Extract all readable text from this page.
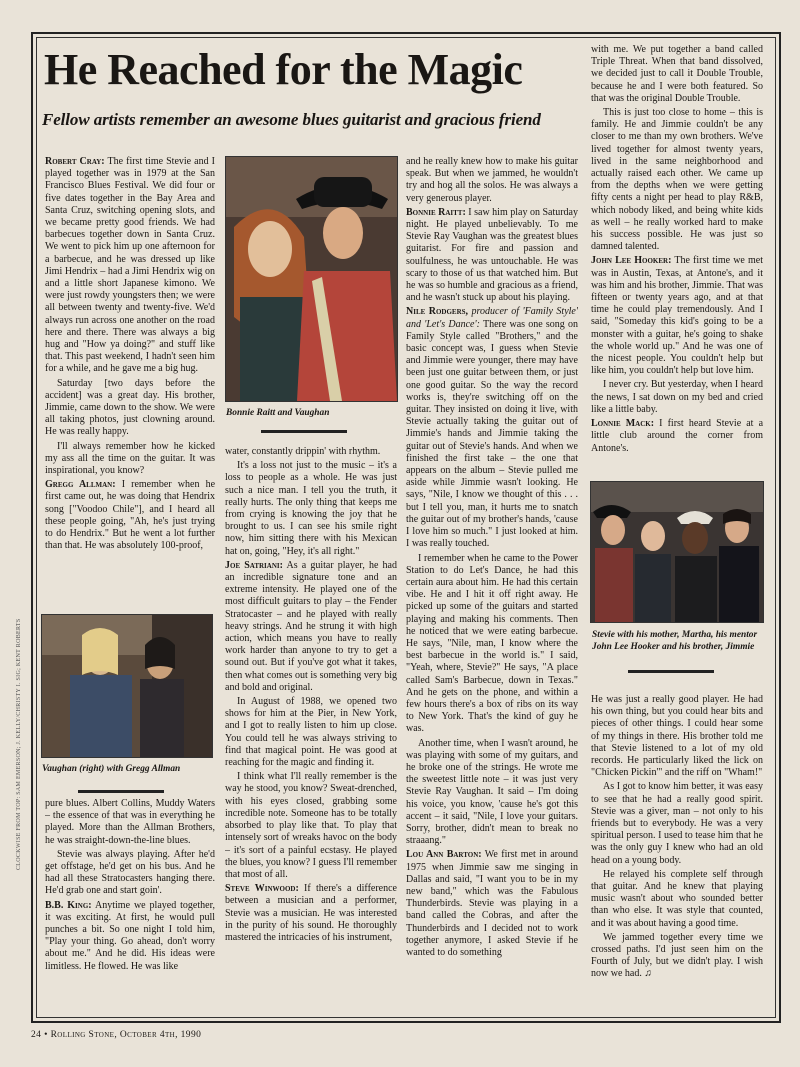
He Reached for the Magic
Fellow artists remember an awesome blues guitarist and gracious friend

Robert Cray: The first time Stevie and I played together was in 1979 at the San Francisco Blues Festival. We did four or five dates together in the Bay Area and Santa Cruz, switching opening slots, and we became pretty good friends. We had barbecues together down in Santa Cruz. We went to pick him up one afternoon for a barbecue, and he was dressed up like Jimi Hendrix – had a Jimi Hendrix wig on and a little short Japanese kimono. We were just rowdy youngsters then; we were all between twenty and twenty-five. We'd always run across one another on the road here and there. There was always a big hug and "How ya doing?" and stuff like that. This past weekend, I hadn't seen him for a while, and he gave me a big hug.

Saturday [two days before the accident] was a great day. His brother, Jimmie, came down to the show. We were all taking photos, just clowning around. He was really happy.

I'll always remember how he kicked my ass all the time on the guitar. It was inspirational, you know?

Gregg Allman: I remember when he first came out, he was doing that Hendrix song ["Voodoo Chile"], and I heard all these people going, "Ah, he's just trying to do Hendrix." But he went a lot further than that. He was absolutely 100-proof,

Vaughan (right) with Gregg Allman

pure blues. Albert Collins, Muddy Waters – the essence of that was in everything he played. More than the Allman Brothers, he was straight-down-the-line blues.

Stevie was always playing. After he'd get offstage, he'd get on his bus. And he had all these Stratocasters hanging there. He'd grab one and start goin'.

B.B. King: Anytime we played together, it was exciting. At first, he would pull punches a bit. So one night I told him, "Play your thing. Go ahead, don't worry about me." And he did. His ideas were limitless. He flowed. He was like

Bonnie Raitt and Vaughan

water, constantly drippin' with rhythm.

It's a loss not just to the music – it's a loss to people as a whole. He was just such a nice man. I tell you the truth, it really hurts. The only thing that keeps me from crying is knowing the joy that he brought to us. I can see his smile right now, him sitting there with his Mexican hat on, going, "Hey, it's all right."

Joe Satriani: As a guitar player, he had an incredible signature tone and an extreme intensity. He played one of the most difficult guitars to play – the Fender Stratocaster – and he played with really heavy strings. And he strung it with high action, which means you have to really work harder than anyone to try to get a sound out. But if you've got what it takes, then what comes out is something very big and bold and original.

In August of 1988, we opened two shows for him at the Pier, in New York, and I got to really listen to him up close. You could tell he was always striving to find that magical point. He was good at reaching for the magic and finding it.

I think what I'll really remember is the way he stood, you know? Sweat-drenched, with his eyes closed, grabbing some incredible note. Someone has to be totally absorbed to play like that. To play that intensely sort of wreaks havoc on the body – it's sort of a painful ecstasy. He played the blues, you know? I guess I'll remember that most of all.

Steve Winwood: If there's a difference between a musician and a performer, Stevie was a musician. He was interested in the purity of his sound. He thoroughly mastered the intricacies of his instrument,

and he really knew how to make his guitar speak. But when we jammed, he wouldn't try and hog all the solos. He was always a very generous player.

Bonnie Raitt: I saw him play on Saturday night. He played unbelievably. To me Stevie Ray Vaughan was the greatest blues guitarist. For fire and passion and soulfulness, he was untouchable. He was scary to those of us that watched him. But he was so humble and gracious as a friend, and he wasn't stuck up about his playing.

Nile Rodgers, producer of 'Family Style' and 'Let's Dance': There was one song on Family Style called "Brothers," and the basic concept was, I guess when Stevie and Jimmie were younger, there may have been just one guitar between them, or just one good guitar. So the way the record works is, they're switching off on the guitar. They insisted on doing it live, with Stevie actually taking the guitar out of Jimmie's hands and Jimmie taking the guitar out of Stevie's hands. And when we finished the first take – the one that appears on the album – Stevie pulled me aside while Jimmie wasn't looking. He says, "Nile, I know we thought of this . . . but I tell you, man, it hurts me to snatch the guitar out of my brother's hands, 'cause I love him so much." I just looked at him. I was really touched.

I remember when he came to the Power Station to do Let's Dance, he had this certain aura about him. He had this certain vibe. He and I hit it off right away. He picked up some of the guitars and started playing and making his comments. Then he noticed that we were eating barbecue. He says, "Nile, man, I know where the best barbecue in the world is." I said, "Yeah, where, Stevie?" He says, "A place called Sam's Barbecue, down in Texas." And he gets on the phone, and within a few hours there's a box of ribs on its way to New York. That's the kind of guy he was.

Another time, when I wasn't around, he was playing with some of my guitars, and he broke one of the strings. He wrote me the sweetest little note – it was just very Stevie Ray Vaughan. It said – I'm doing his voice, you know, 'cause he's got this accent – it said, "Nile, I love your guitars. Sorry, brother, didn't mean to break no straaang."

Lou Ann Barton: We first met in around 1975 when Jimmie saw me singing in Dallas and said, "I want you to be in my new band," which was the Fabulous Thunderbirds. Stevie was playing in a band called the Cobras, and after the Thunderbirds and I decided not to work together anymore, I asked Stevie if he wanted to do something

with me. We put together a band called Triple Threat. When that band dissolved, we decided just to call it Double Trouble, because he and I were both featured. So that was the original Double Trouble.

This is just too close to home – this is family. He and Jimmie couldn't be any closer to me than my own brothers. We've lived together for almost twenty years, lived in the same neighborhood and actually raised each other. We came up from the depths when we were getting fifty cents a night per head to play R&B, which nobody liked, and being white kids as well – he really worked hard to make his success possible. He was just so damned talented.

John Lee Hooker: The first time we met was in Austin, Texas, at Antone's, and it was him and his brother, Jimmie. That was fifteen or twenty years ago, and at that time he could play tremendously. And I said, "Someday this kid's going to be a monster with a guitar, he's going to shake the whole world up." And he was one of the nicest people. You couldn't help but like him, you couldn't help but love him.

I never cry. But yesterday, when I heard the news, I sat down on my bed and cried like a little baby.

Lonnie Mack: I first heard Stevie at a little club around the corner from Antone's.

Stevie with his mother, Martha, his mentor John Lee Hooker and his brother, Jimmie

He was just a really good player. He had his own thing, but you could hear bits and pieces of other things. I could hear some of my things in there. His brother told me that Stevie listened to a lot of my old records. He particularly liked the lick on "Chicken Pickin'" and the riff on "Wham!"

As I got to know him better, it was easy to see that he had a really good spirit. Stevie was a giver, man – not only to his friends but to everybody. He was a very spiritual person. I used to tease him that he was the only guy I knew who had an old head on a young body.

He relayed his complete self through that guitar. And he knew that playing music wasn't about who sounded better than who else. It was style that counted, and it was about having a good time.

We jammed together every time we crossed paths. I'd just seen him on the Fourth of July, but we didn't play. I wish now we had. ♫

CLOCKWISE FROM TOP: SAM EMERSON; J. KELLY/CHRISTY I. SIG; KENT ROBERTS
24 • Rolling Stone, October 4th, 1990
